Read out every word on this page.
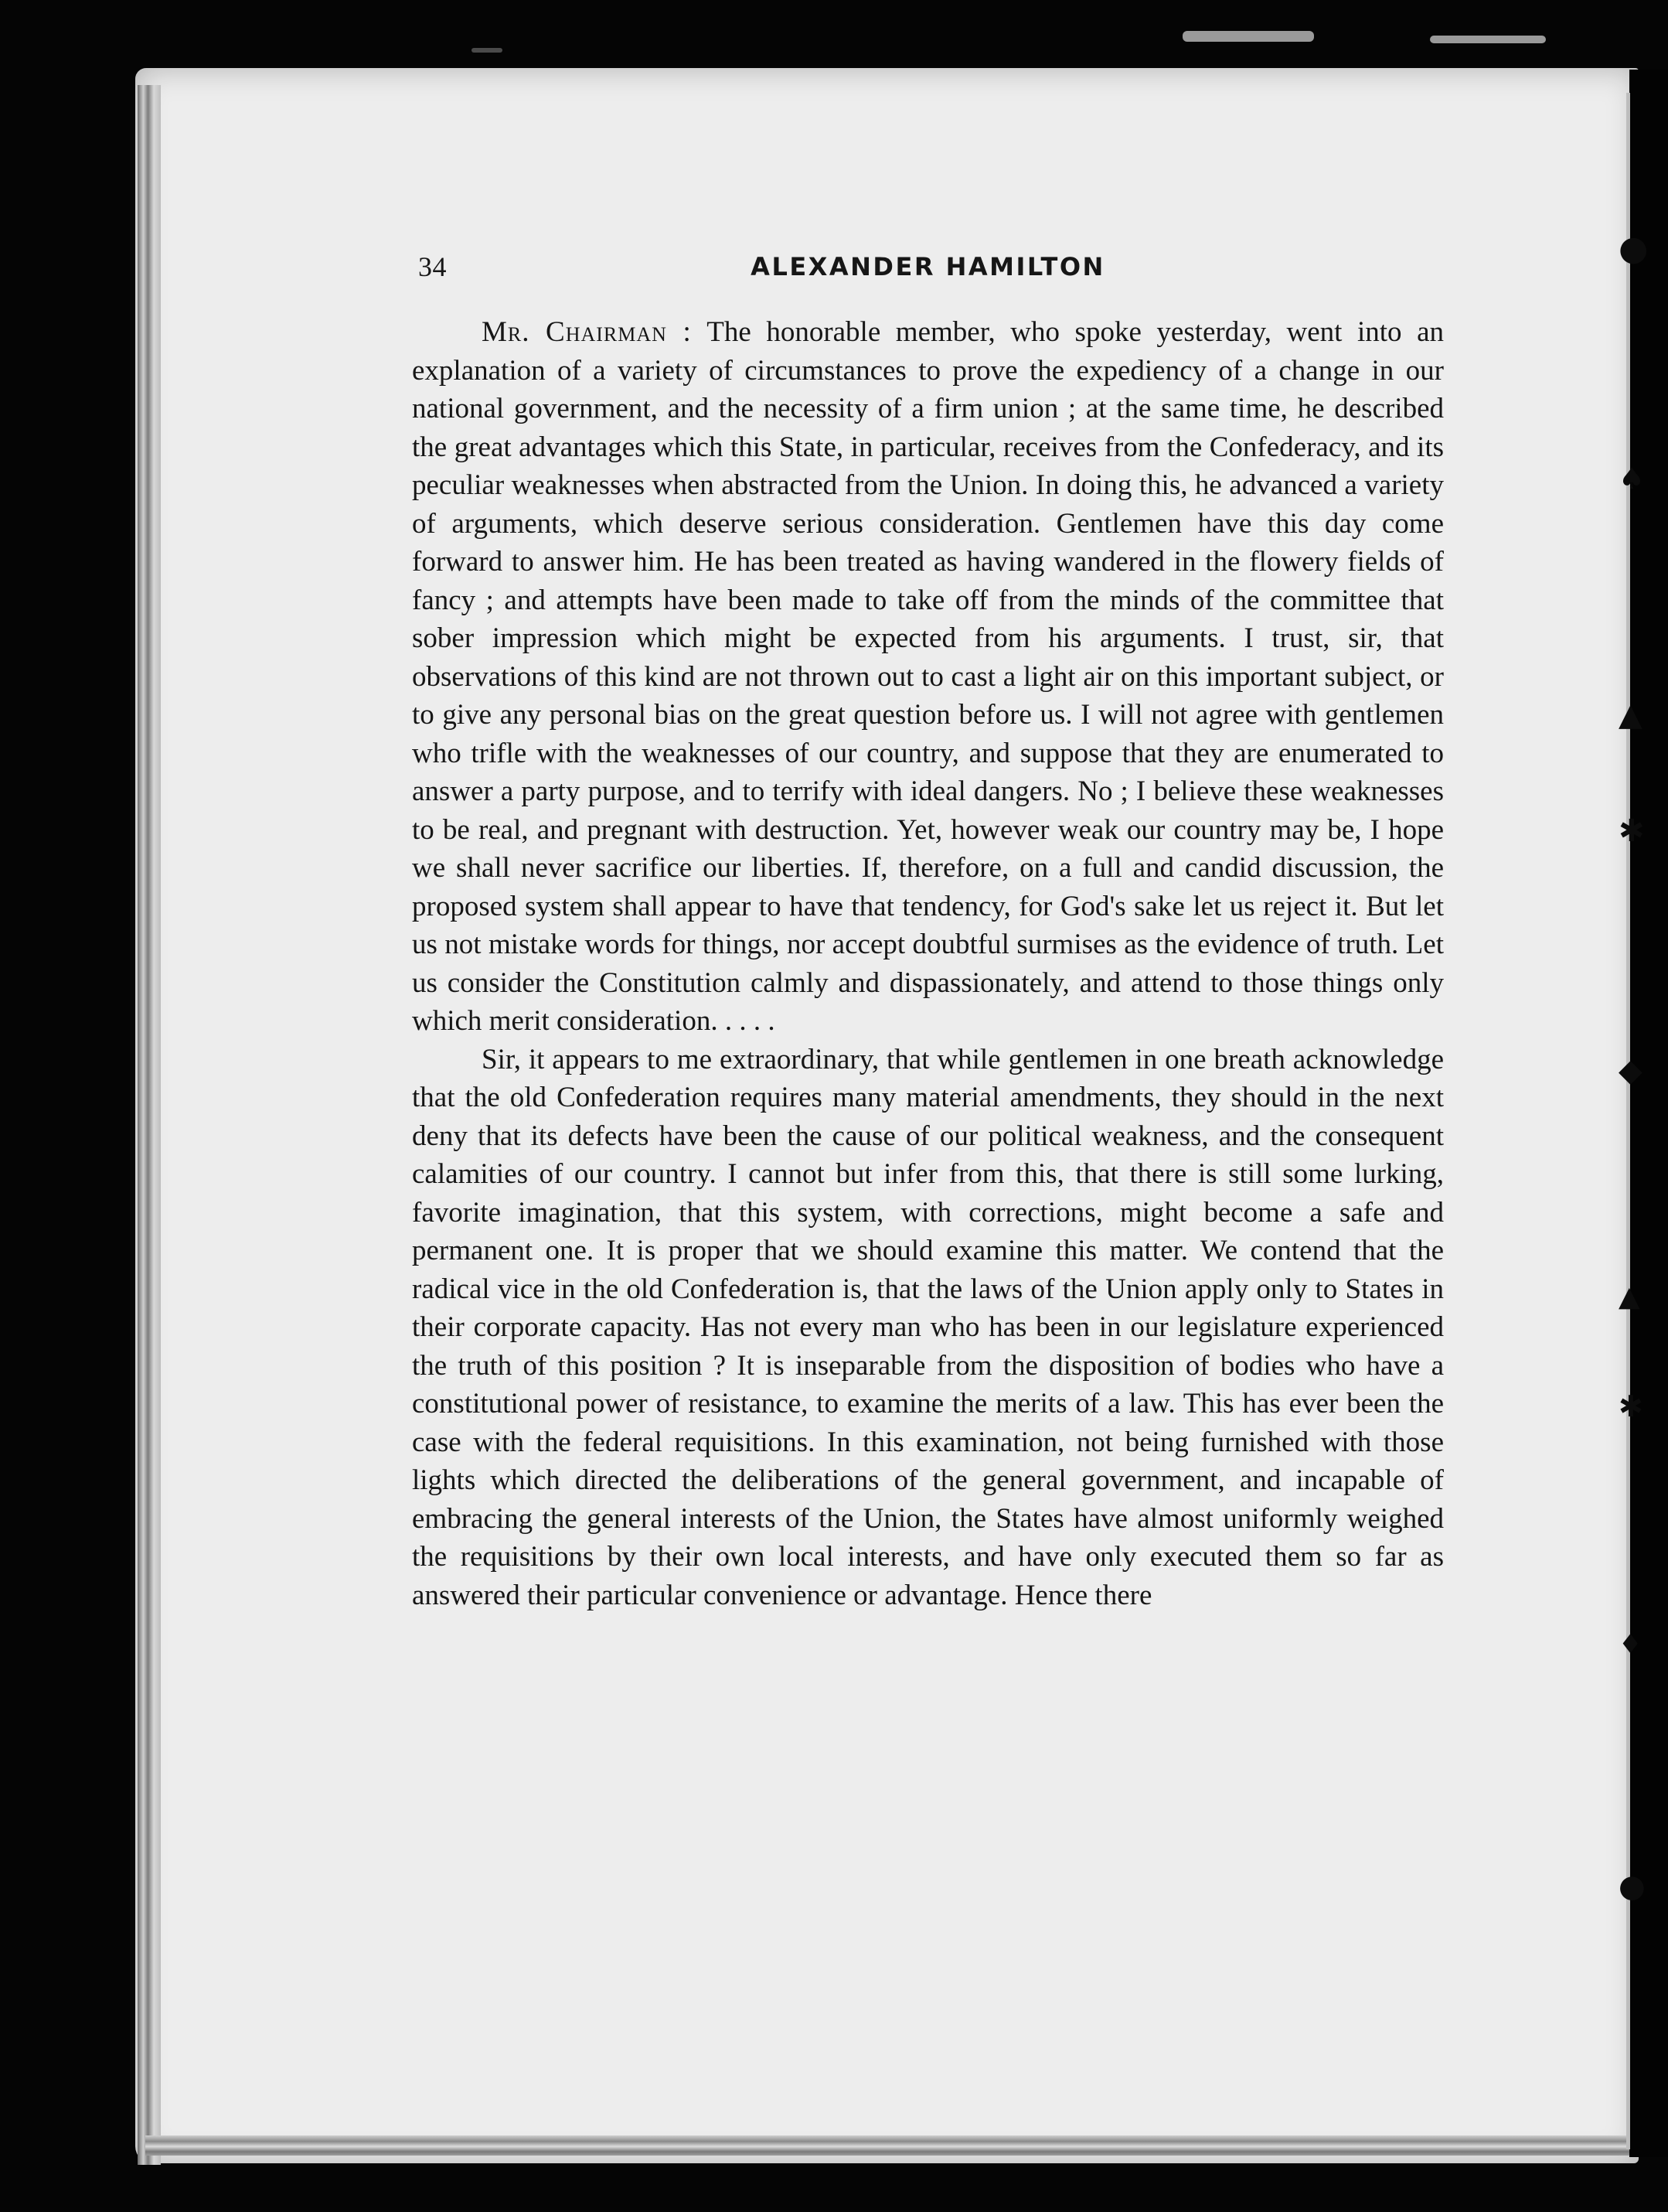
●
♠
▲
✱
◆
▲
✱
♦
●
34	ALEXANDER HAMILTON

Mr. Chairman : The honorable member, who spoke yesterday, went into an explanation of a variety of circumstances to prove the expediency of a change in our national government, and the necessity of a firm union ; at the same time, he described the great advantages which this State, in particular, receives from the Confederacy, and its peculiar weaknesses when abstracted from the Union. In doing this, he advanced a variety of arguments, which deserve serious consideration. Gentlemen have this day come forward to answer him. He has been treated as having wandered in the flowery fields of fancy ; and attempts have been made to take off from the minds of the committee that sober impression which might be expected from his arguments. I trust, sir, that observations of this kind are not thrown out to cast a light air on this important subject, or to give any personal bias on the great question before us. I will not agree with gentlemen who trifle with the weaknesses of our country, and suppose that they are enumerated to answer a party purpose, and to terrify with ideal dangers. No ; I believe these weaknesses to be real, and pregnant with destruction. Yet, however weak our country may be, I hope we shall never sacrifice our liberties. If, therefore, on a full and candid discussion, the proposed system shall appear to have that tendency, for God's sake let us reject it. But let us not mistake words for things, nor accept doubtful surmises as the evidence of truth. Let us consider the Constitution calmly and dispassionately, and attend to those things only which merit consideration. . . . .

Sir, it appears to me extraordinary, that while gentlemen in one breath acknowledge that the old Confederation requires many material amendments, they should in the next deny that its defects have been the cause of our political weakness, and the consequent calamities of our country. I cannot but infer from this, that there is still some lurking, favorite imagination, that this system, with corrections, might become a safe and permanent one. It is proper that we should examine this matter. We contend that the radical vice in the old Confederation is, that the laws of the Union apply only to States in their corporate capacity. Has not every man who has been in our legislature experienced the truth of this position ? It is inseparable from the disposition of bodies who have a constitutional power of resistance, to examine the merits of a law. This has ever been the case with the federal requisitions. In this examination, not being furnished with those lights which directed the deliberations of the general government, and incapable of embracing the general interests of the Union, the States have almost uniformly weighed the requisitions by their own local interests, and have only executed them so far as answered their particular convenience or advantage. Hence there
